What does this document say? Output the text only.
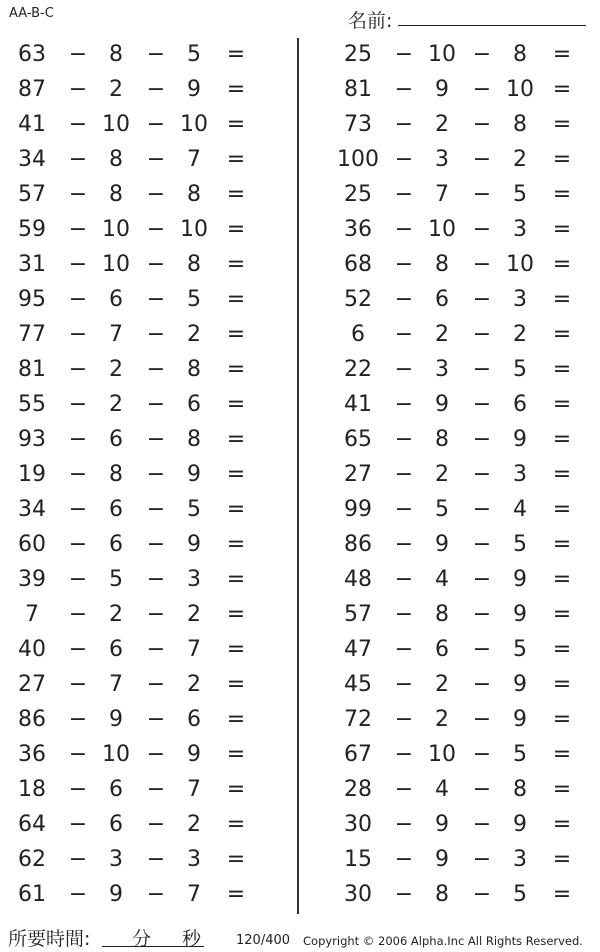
AA-B-C	名前:
63	− 8	− 5	=
87	− 2	− 9	=
41	− 10 − 10 =
34	− 8	− 7	=
57	− 8	− 8	=
59	− 10 − 10 =
31	− 10 − 8	=
95	− 6	− 5	=
77	− 7	− 2	=
81	− 2	− 8	=
55	− 2	− 6	=
93	− 6	− 8	=
19	− 8	− 9	=
34	− 6	− 5	=
60	− 6	− 9	=
39	− 5	− 3	=
7	− 2	− 2	=
40	− 6	− 7	=
27	− 7	− 2	=
86	− 9	− 6	=
36	− 10 − 9	=
18	− 6	− 7	=
64	− 6	− 2	=
62	− 3	− 3	=
61	− 9	− 7	=
25	− 10 − 8	=
81	− 9	− 10 =
73	− 2	− 8	=
100 − 3	− 2	=
25	− 7	− 5	=
36	− 10 − 3	=
68	− 8	− 10 =
52	− 6	− 3	=
6	− 2	− 2	=
22	− 3	− 5	=
41	− 9	− 6	=
65	− 8	− 9	=
27	− 2	− 3	=
99	− 5	− 4	=
86	− 9	− 5	=
48	− 4	− 9	=
57	− 8	− 9	=
47	− 6	− 5	=
45	− 2	− 9	=
72	− 2	− 9	=
67	− 10 − 5	=
28	− 4	− 8	=
30	− 9	− 9	=
15	− 9	− 3	=
30	− 8	− 5	=
所要時間: 分 秒	120/400 Copyright © 2006 Alpha.Inc All Rights Reserved.
